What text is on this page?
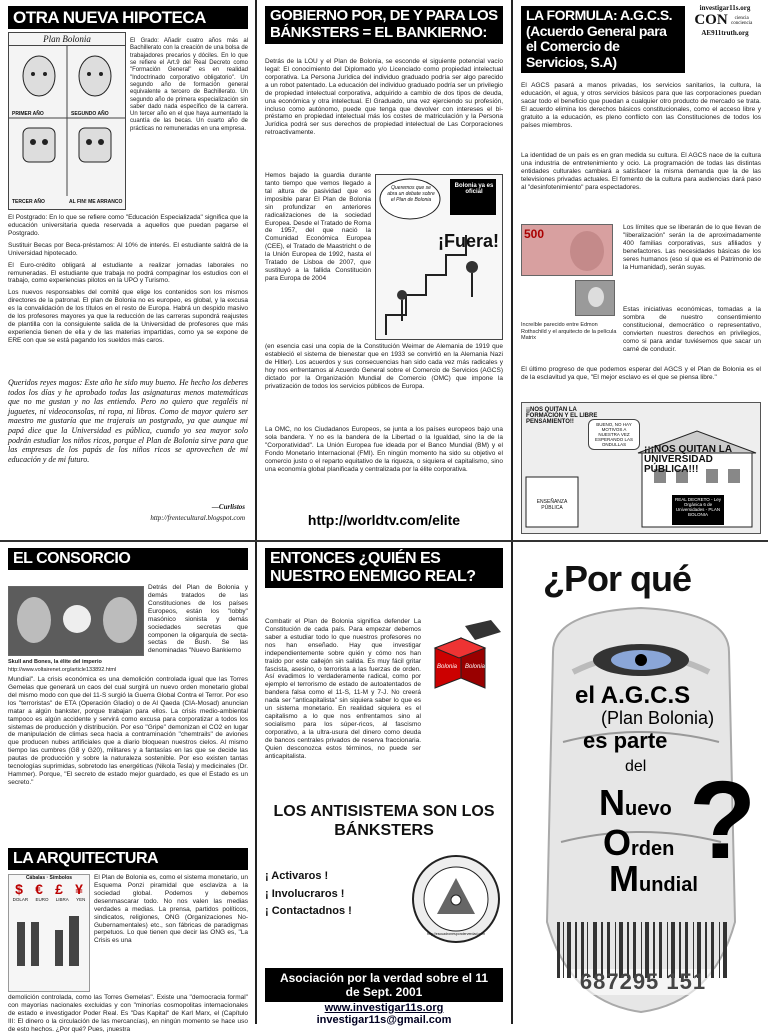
OTRA NUEVA HIPOTECA
Plan Bolonia
PRIMER AÑO	SEGUNDO AÑO
TERCER AÑO	AL FIN! ME ARRANCO
El Grado: Añadir cuatro años más al Bachillerato con la creación de una bolsa de trabajadores precarios y dóciles. En lo que se refiere el Art.9 del Real Decreto como "Formación General" es en realidad "Indoctrinado corporativo obligatorio". Un segundo año de formación general equivalente a tercero de Bachillerato. Un segundo año de primera especialización sin saber dado nada específico de la carrera. Un tercer año en el que haya aumentado la cuantía de las becas. Un cuarto año de prácticas no remuneradas en una empresa.

El Postgrado: En lo que se refiere como "Educación Especializada" significa que la educación universitaria queda reservada a aquellos que puedan pagarse el Postgrado.

Sustituir Becas por Beca-préstamos: Al 10% de interés. El estudiante saldrá de la Universidad hipotecado.

El Euro-crédito obligará al estudiante a realizar jornadas laborales no remuneradas. El estudiante que trabaja no podrá compaginar los estudios con el trabajo, como experiencias pilotos en la UPO y Turismo.

Los nuevos responsables del comité que elige los contenidos son los mismos directores de la patronal. El plan de Bolonia no es europeo, es global, y la excusa es la convalidación de los títulos en el resto de Europa. Habrá un despido masivo de los profesores mayores ya que la reducción de las carreras supondrá reajustes de plantilla con la consiguiente salida de la Universidad de profesores que más experiencia tienen de ella y de las materias impartidas, como ya se expone de ERE con que se está pagando los sueldos más caros.

Queridos reyes magos: Este año he sido muy bueno. He hecho los deberes todos los días y he aprobado todas las asignaturas menos matemáticas que no me gustan y no las entiendo. Pero no quiero que regaléis ni juguetes, ni videoconsolas, ni ropa, ni libros. Como de mayor quiero ser maestro me gustaría que me trajerais un postgrado, ya que aunque mi papá dice que la Universidad es pública, cuando yo sea mayor solo podrán estudiar los niños ricos, porque el Plan de Bolonia sirve para que las empresas de los papás de los niños ricos se aprovechen de mi educación y de mi futuro.
—Curlistos
http://frentecultural.blogspot.com
GOBIERNO POR, DE Y PARA LOS BÁNKSTERS = EL BANKIERNO:
Detrás de la LOU y el Plan de Bolonia, se esconde el siguiente potencial vacío legal: El conocimiento del Diplomado y/o Licenciado como propiedad intelectual corporativa. La Persona Jurídica del individuo graduado podría ser algo parecido a un robot patentado. La educación del individuo graduado podría ser un privilegio de propiedad intelectual corporativa, adquirido a cambio de dos tipos de deuda, una económica y otra intelectual. El Graduado, una vez ejerciendo su profesión, incluso como autónomo, puede que tenga que devolver con intereses el bi-préstamo en propiedad intelectual más los costes de matriculación y la Persona Jurídica podrá ser sus derechos de propiedad intelectual de Las Corporaciones retroactivamente.
Hemos bajado la guardia durante tanto tiempo que vemos llegado a tal altura de pasividad que es imposible parar El Plan de Bolonia sin profundizar en anteriores radicalizaciones de la sociedad Europea. Desde el Tratado de Roma de 1957, del que nació la Comunidad Económica Europea (CEE), el Tratado de Maastricht o de la Unión Europea de 1992, hasta el Tratado de Lisboa de 2007, que sustituyó a la fallida Constitución para Europa de 2004
Queremos que se abra un debate sobre el Plan de Bolonia
Bolonia ya es oficial
¡Fuera!
(en esencia casi una copia de la Constitución Weimar de Alemania de 1919 que estableció el sistema de bienestar que en 1933 se convirtió en la Alemania Nazi de Hitler). Los acuerdos y sus consecuencias han sido cada vez más radicales y hoy nos enfrentamos al Acuerdo General sobre el Comercio de Servicios (AGCS) dictado por la Organización Mundial de Comercio (OMC) que impone la privatización de todos los servicios públicos de Europa.
La OMC, no los Ciudadanos Europeos, se junta a los países europeos bajo una sola bandera. Y no es la bandera de la Libertad o la Igualdad, sino la de la "Corporatividad". La Unión Europea fue ideada por el Banco Mundial (BM) y el Fondo Monetario Internacional (FMI). En ningún momento ha sido su objetivo el comercio justo o el reparto equitativo de la riqueza, o siquiera el capitalismo, sino una economía global planificada y centralizada por la élite corporativa.
http://worldtv.com/elite
LA FORMULA: A.G.C.S. (Acuerdo General para el Comercio de Servicios, S.A)
investigar11s.org
CON	ciencia conciencia
AE911truth.org
El AGCS pasará a manos privadas, los servicios sanitarios, la cultura, la educación, el agua, y otros servicios básicos para que las corporaciones puedan sacar todo el beneficio que puedan a cualquier otro producto de mercado se trata. El acuerdo elimina los derechos básicos constitucionales, como el acceso libre y gratuito a la educación, es pleno conflicto con las Constituciones de todos los países miembros.
La identidad de un país es en gran medida su cultura. El AGCS nace de la cultura una industria de entretenimiento y ocio. La programación de todas las distintas entidades culturales cambiará a satisfacer la misma demanda que la de las televisiones privadas actuales. El fomento de la cultura para audiencias dará paso al "desinfotenimiento" para espectadores.
500
Increíble parecido entre Edmon Rothschild y el arquitecto de la película Matrix
Los límites que se liberarán de lo que llevan de "liberalización" serán la de aproximadamente 400 familias corporativas, sus afiliados y benefactores. Las necesidades básicas de los seres humanos (eso sí que es el Patrimonio de la Humanidad), serán suyas.
Estas iniciativas económicas, tomadas a la sombra de nuestro consentimiento constitucional, democrático o representativo, convierten nuestros derechos en privilegios, como si para andar tuviésemos que sacar un carné de conducir.
El último progreso de que podemos esperar del AGCS y el Plan de Bolonia es el de la esclavitud ya que, "El mejor esclavo es el que se piensa libre."
¡¡NOS QUITAN LA FORMACIÓN Y EL LIBRE PENSAMIENTO!!	BUENO, NO HAY MOTIVOS A NUESTRA VEZ ESPERANDO LAS ONDULLAS	¡¡¡NOS QUITAN LA UNIVERSIDAD PÚBLICA!!!
ENSEÑANZA PÚBLICA
REAL DECRETO - Ley Orgánica 6 de Universidades - PLAN BOLONIA
EL CONSORCIO
Skull and Bones, la élite del imperio
http://www.voltairenet.org/article133892.html
Detrás del Plan de Bolonia y demás tratados de las Constituciones de los países Europeos, están los "lobby" masónico sionista y demás sociedades secretas que componen la oligarquía de secta-sectas de Bush. Se las denominadas "Nuevo Bankierno
Mundial". La crisis económica es una demolición controlada igual que las Torres Gemelas que generará un caos del cual surgirá un nuevo orden monetario global del mismo modo con que del 11-S surgió la Guerra Global Contra el Terror. Por eso los "terroristas" de ETA (Operación Gladio) o de Al Qaeda (CIA-Mosad) anuncian matar a algún bankster, porque trabajan para ellos. La crisis medio-ambiental tampoco es algún accidente y servirá como excusa para corporatizar a todos los sistemas de producción y distribución. Por eso "Gripe" demonizan el CO2 en lugar de manipulación de climas seca hacia a contraminación "chemtrails" de aviones que producen nubes artificiales que a diario bloquean nuestros cielos. Al mismo tiempo las cumbres (G8 y G20), militares y a fantasías en las que se decide las pautas de producción y sobre la naturaleza sostenible. Por eso existen tantas tecnologías suprimidas, sobretodo las energéticas (Nikola Tesla) y medicinales (Dr. Hammer). Porque, "El secreto de estado mejor guardado, es que el Estado es un secreto."
LA ARQUITECTURA
Cábalas · Símbolos
$ € £ ¥
DOLAR EURO LIBRA YEN
El Plan de Bolonia es, como el sistema monetario, un Esquema Ponzi piramidal que esclaviza a la sociedad global. Podemos y debemos desenmascarar todo. No nos valen las medias verdades a medias. La prensa, partidos políticos, sindicatos, religiones, ONG (Organizaciones No-Gubernamentales) etc., son fábricas de paradigmas perpetuos. Lo que tienen que decir las ONG es, "La Crisis es una
demolición controlada, como las Torres Gemelas". Existe una "democracia formal" con mayorías nacionales excluidas y con "minorías cosmopolitas internacionales de estado e investigador Poder Real. Es "Das Kapital" de Karl Marx, el (Capítulo III: El dinero o la circulación de las mercancías), en ningún momento se hace uso de esto hechos. ¿Por qué? Pues, ¡nuestra
ENTONCES ¿QUIÉN ES NUESTRO ENEMIGO REAL?
Combatir el Plan de Bolonia significa defender La Constitución de cada país. Para empezar debemos saber a estudiar todo lo que nuestros profesores no nos han enseñado. Hay que investigar independientemente sobre quién y cómo nos han traído por este callejón sin salida. Es muy fácil gritar fascista, asesino, o terrorista a las fuerzas de orden. Así evadimos lo verdaderamente radical, como por ejemplo el terrorismo de estado de autoatentados de bandera falsa como el 11-S, 11-M y 7-J. No creerá nada ser "anticapitalista" sin siquiera saber lo que es un sistema monetario. En realidad siquiera es el capitalismo a lo que nos enfrentamos sino al socialismo para los súper-ricos, al fascismo corporativo, a la ultra-usura del dinero como deuda de bancos centrales privados de reserva fraccionaria. Quien desconozca estos términos, no puede ser anticapitalista.
Bolonia Bolonia
LOS ANTISISTEMA SON LOS BÁNKSTERS
¡ Activaros !
¡ Involucraros !
¡ Contactadnos !
http://escuadronesponderverdad.com
Asociación por la verdad sobre el 11 de Sept. 2001
www.investigar11s.org
investigar11s@gmail.com
¿Por qué
el A.G.C.S
(Plan Bolonia)
es parte
del
Nuevo
Orden
Mundial
?
687295 151
